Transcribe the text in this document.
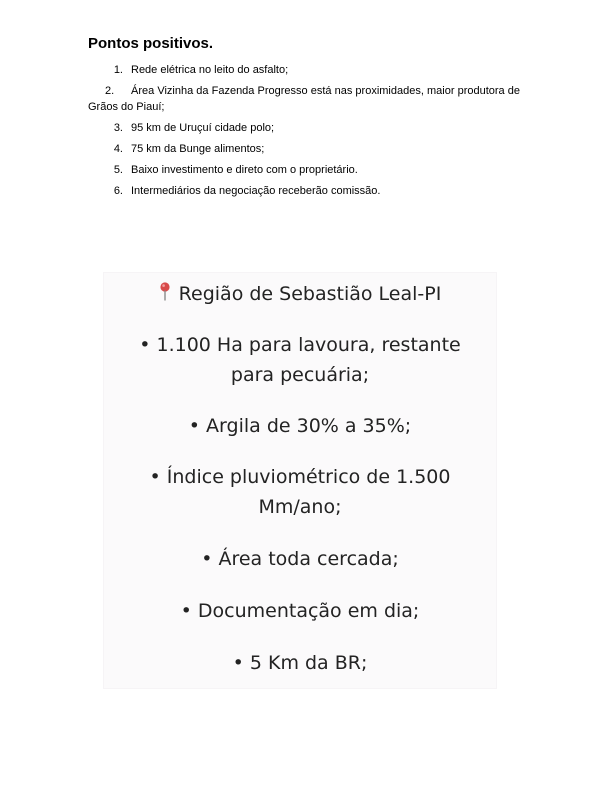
Pontos positivos.
1. Rede elétrica no leito do asfalto;
2. Área Vizinha da Fazenda Progresso está nas proximidades, maior produtora de Grãos do Piauí;
3. 95 km de Uruçuí cidade polo;
4. 75 km da Bunge alimentos;
5. Baixo investimento e direto com o proprietário.
6. Intermediários da negociação receberão comissão.

Região de Sebastião Leal-PI

• 1.100 Ha para lavoura, restante

para pecuária;

• Argila de 30% a 35%;

• Índice pluviométrico de 1.500

Mm/ano;

• Área toda cercada;

• Documentação em dia;

• 5 Km da BR;
